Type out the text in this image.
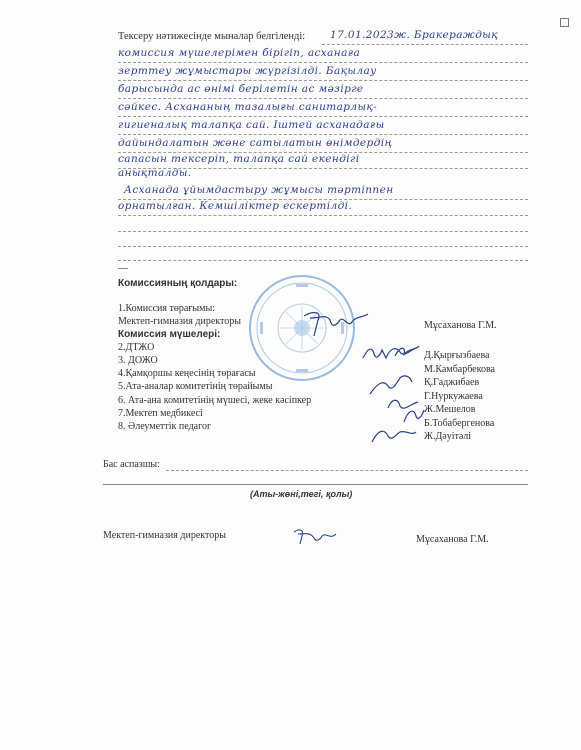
Тексеру нәтижесінде мыналар белгіленді: 17.01.2023ж. Бракераждық
комиссия мүшелерімен бірігіп, асханаға
зерттеу жұмыстары жүргізілді. Бақылау
барысында ас өнімі берілетін ас мәзірге
сәйкес. Асхананың тазалығы санитарлық-
гигиеналық талапқа сай. Іштей асханадағы
дайындалатын және сатылатын өнімдердің
сапасын тексеріп, талапқа сай екендігі
анықталды.
Асханада ұйымдастыру жұмысы тәртіппен
орнатылған. Кемшіліктер ескертілді.
Комиссияның қолдары:
1.Комиссия төрағымы:
Мектеп-гимназия директоры	Мұсаханова Г.М.
Комиссия мүшелері:
2.ДТЖО
3. ДОЖО
4.Қамқоршы кеңесінің төрағасы
5.Ата-аналар комитетінің төрайымы
6. Ата-ана комитетінің мүшесі, жеке кәсіпкер
7.Мектеп медбикесі
8. Әлеуметтік педагог
Д.Қырғызбаева
М.Камбарбекова
Қ.Гаджибаев
Г.Нуркужаева
Ж.Мешелов
Б.Тобабергенова
Ж.Дәуітәлі
Бас аспазшы:
(Аты-жөні,тегі, қолы)
Мектеп-гимназия директоры	Мұсаханова Г.М.
